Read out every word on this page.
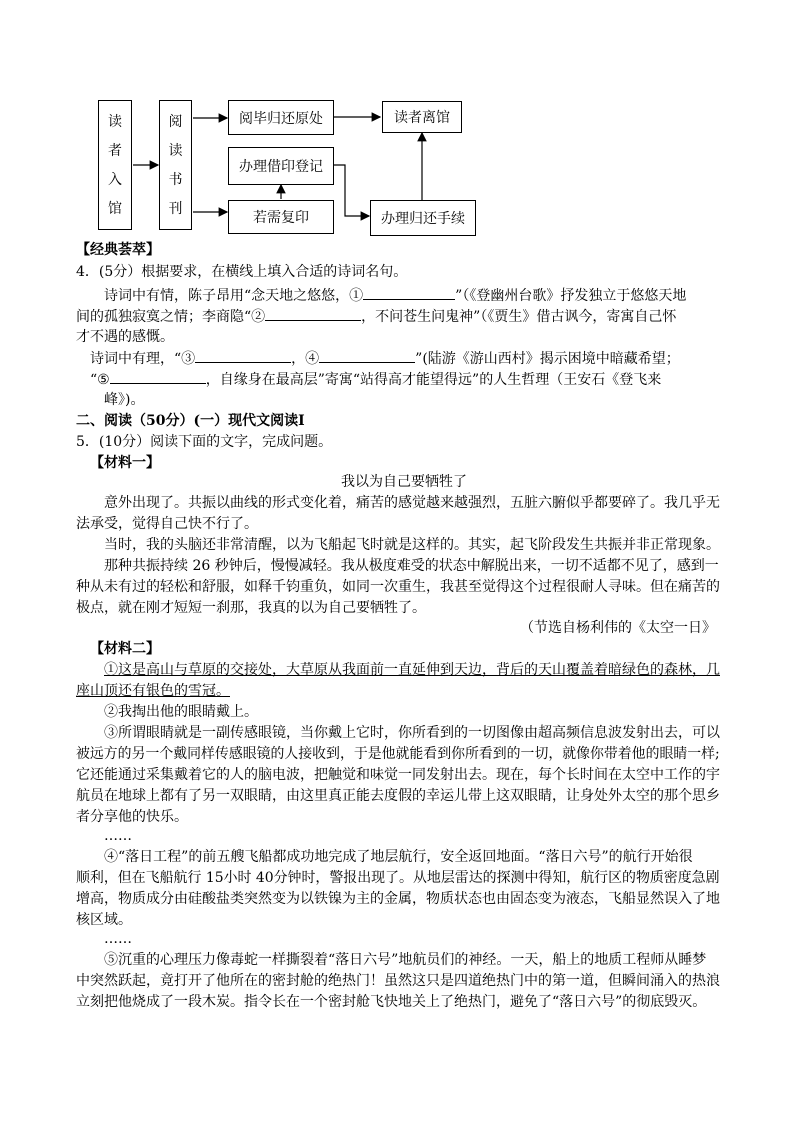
读
者
入
馆
阅
读
书
刊
阅毕归还原处	读者离馆
办理借印登记
若需复印	办理归还手续
【经典荟萃】
4．(5分）根据要求，在横线上填入合适的诗词名句。
诗词中有情，陈子昂用“念天地之悠悠，①	”（《登幽州台歌》抒发独立于悠悠天地
间的孤独寂寞之情；李商隐“②	，不问苍生问鬼神”（《贾生》借古讽今，寄寓自己怀
才不遇的感慨。
诗词中有理，“③	，④	”(陆游《游山西村》揭示困境中暗藏希望；
“⑤	，自缘身在最高层”寄寓“站得高才能望得远”的人生哲理（王安石《登飞来
峰》)。
二、阅读（50分）(一）现代文阅读Ⅰ
5．(10分）阅读下面的文字，完成问题。
【材料一】
我以为自己要牺牲了
意外出现了。共振以曲线的形式变化着，痛苦的感觉越来越强烈，五脏六腑似乎都要碎了。我几乎无
法承受，觉得自己快不行了。
当时，我的头脑还非常清醒，以为飞船起飞时就是这样的。其实，起飞阶段发生共振并非正常现象。
那种共振持续 26 秒钟后，慢慢减轻。我从极度难受的状态中解脱出来，一切不适都不见了，感到一
种从未有过的轻松和舒服，如释千钧重负，如同一次重生，我甚至觉得这个过程很耐人寻味。但在痛苦的
极点，就在刚才短短一刹那，我真的以为自己要牺牲了。
（节选自杨利伟的《太空一日》
【材料二】
①这是高山与草原的交接处，大草原从我面前一直延伸到天边，背后的天山覆盖着暗绿色的森林，几
座山顶还有银色的雪冠。
②我掏出他的眼睛戴上。
③所谓眼睛就是一副传感眼镜，当你戴上它时，你所看到的一切图像由超高频信息波发射出去，可以
被远方的另一个戴同样传感眼镜的人接收到，于是他就能看到你所看到的一切，就像你带着他的眼睛一样;
它还能通过采集戴着它的人的脑电波，把触觉和味觉一同发射出去。现在，每个长时间在太空中工作的宇
航员在地球上都有了另一双眼睛，由这里真正能去度假的幸运儿带上这双眼睛，让身处外太空的那个思乡
者分享他的快乐。
……
④“落日工程”的前五艘飞船都成功地完成了地层航行，安全返回地面。“落日六号”的航行开始很
顺利，但在飞船航行 15小时 40分钟时，警报出现了。从地层雷达的探测中得知，航行区的物质密度急剧
增高，物质成分由硅酸盐类突然变为以铁镍为主的金属，物质状态也由固态变为液态，飞船显然误入了地
核区域。
……
⑤沉重的心理压力像毒蛇一样撕裂着“落日六号”地航员们的神经。一天，船上的地质工程师从睡梦
中突然跃起，竟打开了他所在的密封舱的绝热门！虽然这只是四道绝热门中的第一道，但瞬间涌入的热浪
立刻把他烧成了一段木炭。指令长在一个密封舱飞快地关上了绝热门，避免了“落日六号”的彻底毁灭。
